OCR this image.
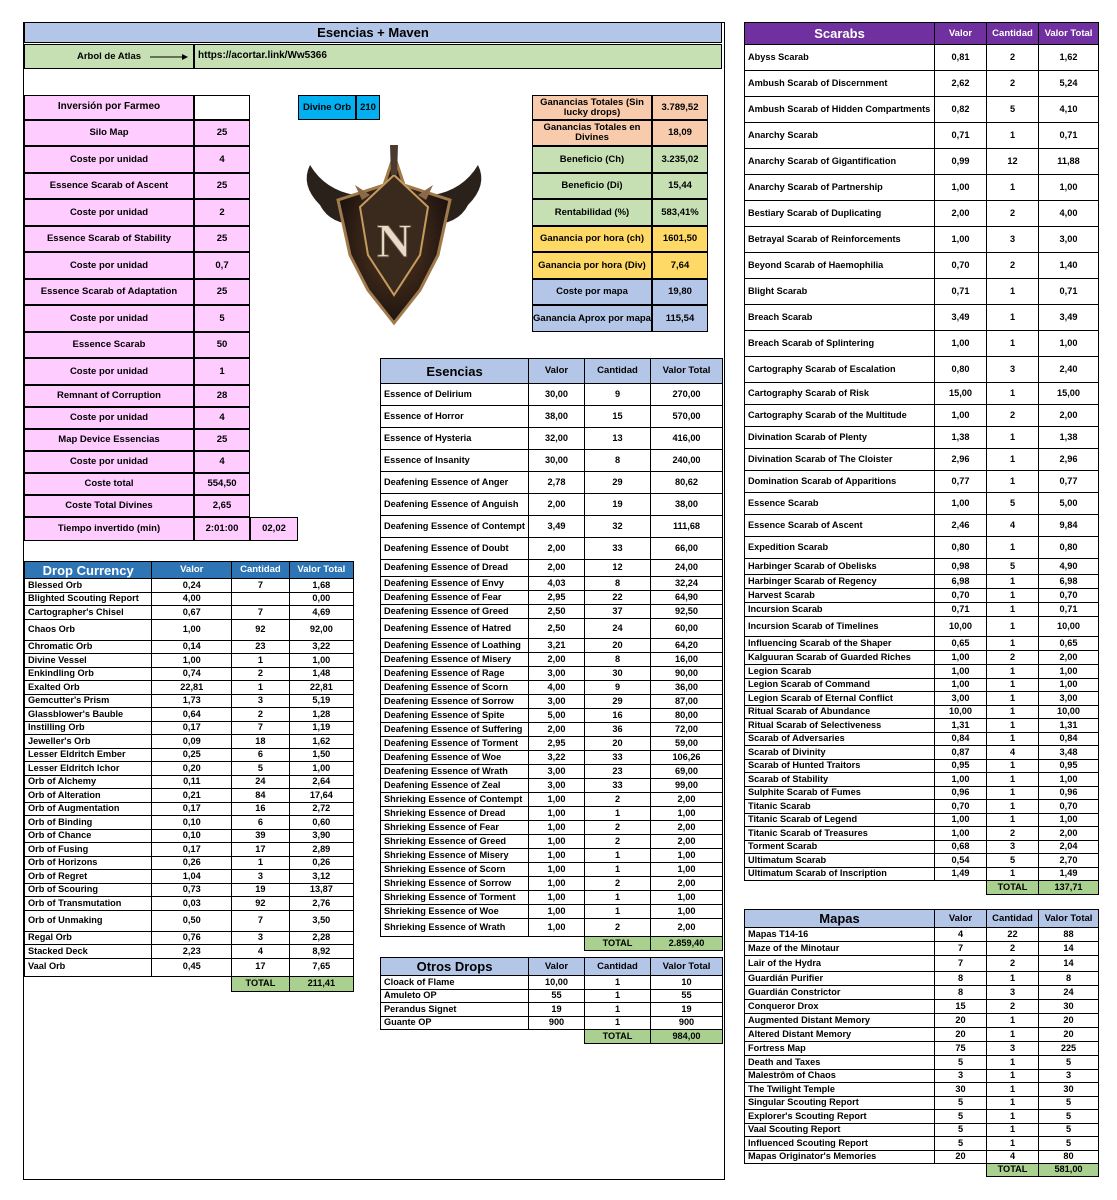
Esencias + Maven
Arbol de Atlas	https://acortar.link/Ww5366
Inversión por Farmeo
Silo Map	25
Coste por unidad	4
Essence Scarab of Ascent	25
Coste por unidad	2
Essence Scarab of Stability	25
Coste por unidad	0,7
Essence Scarab of Adaptation	25
Coste por unidad	5
Essence Scarab	50
Coste por unidad	1
Remnant of Corruption	28
Coste por unidad	4
Map Device Essencias	25
Coste por unidad	4
Coste total	554,50
Coste Total Divines	2,65
Tiempo invertido (min)	2:01:00	02,02
Divine Orb 210
N
Ganancias Totales (Sin lucky drops)	3.789,52
Ganancias Totales en Divines	18,09
Beneficio (Ch)	3.235,02
Beneficio (Di)	15,44
Rentabilidad (%)	583,41%
Ganancia por hora (ch)	1601,50
Ganancia por hora (Div)	7,64
Coste por mapa	19,80
Ganancia Aprox por mapa	115,54
Drop Currency	Valor	Cantidad	Valor Total
Blessed Orb	0,24	7	1,68
Blighted Scouting Report	4,00		0,00
Cartographer's Chisel	0,67	7	4,69
Chaos Orb	1,00	92	92,00
Chromatic Orb	0,14	23	3,22
Divine Vessel	1,00	1	1,00
Enkindling Orb	0,74	2	1,48
Exalted Orb	22,81	1	22,81
Gemcutter's Prism	1,73	3	5,19
Glassblower's Bauble	0,64	2	1,28
Instilling Orb	0,17	7	1,19
Jeweller's Orb	0,09	18	1,62
Lesser Eldritch Ember	0,25	6	1,50
Lesser Eldritch Ichor	0,20	5	1,00
Orb of Alchemy	0,11	24	2,64
Orb of Alteration	0,21	84	17,64
Orb of Augmentation	0,17	16	2,72
Orb of Binding	0,10	6	0,60
Orb of Chance	0,10	39	3,90
Orb of Fusing	0,17	17	2,89
Orb of Horizons	0,26	1	0,26
Orb of Regret	1,04	3	3,12
Orb of Scouring	0,73	19	13,87
Orb of Transmutation	0,03	92	2,76
Orb of Unmaking	0,50	7	3,50
Regal Orb	0,76	3	2,28
Stacked Deck	2,23	4	8,92
Vaal Orb	0,45	17	7,65
		TOTAL	211,41
Esencias	Valor	Cantidad	Valor Total
Essence of Delirium	30,00	9	270,00
Essence of Horror	38,00	15	570,00
Essence of Hysteria	32,00	13	416,00
Essence of Insanity	30,00	8	240,00
Deafening Essence of Anger	2,78	29	80,62
Deafening Essence of Anguish	2,00	19	38,00
Deafening Essence of Contempt	3,49	32	111,68
Deafening Essence of Doubt	2,00	33	66,00
Deafening Essence of Dread	2,00	12	24,00
Deafening Essence of Envy	4,03	8	32,24
Deafening Essence of Fear	2,95	22	64,90
Deafening Essence of Greed	2,50	37	92,50
Deafening Essence of Hatred	2,50	24	60,00
Deafening Essence of Loathing	3,21	20	64,20
Deafening Essence of Misery	2,00	8	16,00
Deafening Essence of Rage	3,00	30	90,00
Deafening Essence of Scorn	4,00	9	36,00
Deafening Essence of Sorrow	3,00	29	87,00
Deafening Essence of Spite	5,00	16	80,00
Deafening Essence of Suffering	2,00	36	72,00
Deafening Essence of Torment	2,95	20	59,00
Deafening Essence of Woe	3,22	33	106,26
Deafening Essence of Wrath	3,00	23	69,00
Deafening Essence of Zeal	3,00	33	99,00
Shrieking Essence of Contempt	1,00	2	2,00
Shrieking Essence of Dread	1,00	1	1,00
Shrieking Essence of Fear	1,00	2	2,00
Shrieking Essence of Greed	1,00	2	2,00
Shrieking Essence of Misery	1,00	1	1,00
Shrieking Essence of Scorn	1,00	1	1,00
Shrieking Essence of Sorrow	1,00	2	2,00
Shrieking Essence of Torment	1,00	1	1,00
Shrieking Essence of Woe	1,00	1	1,00
Shrieking Essence of Wrath	1,00	2	2,00
		TOTAL	2.859,40
Otros Drops	Valor	Cantidad	Valor Total
Cloack of Flame	10,00	1	10
Amuleto OP	55	1	55
Perandus Signet	19	1	19
Guante OP	900	1	900
		TOTAL	984,00
Scarabs	Valor	Cantidad	Valor Total
Abyss Scarab	0,81	2	1,62
Ambush Scarab of Discernment	2,62	2	5,24
Ambush Scarab of Hidden Compartments	0,82	5	4,10
Anarchy Scarab	0,71	1	0,71
Anarchy Scarab of Gigantification	0,99	12	11,88
Anarchy Scarab of Partnership	1,00	1	1,00
Bestiary Scarab of Duplicating	2,00	2	4,00
Betrayal Scarab of Reinforcements	1,00	3	3,00
Beyond Scarab of Haemophilia	0,70	2	1,40
Blight Scarab	0,71	1	0,71
Breach Scarab	3,49	1	3,49
Breach Scarab of Splintering	1,00	1	1,00
Cartography Scarab of Escalation	0,80	3	2,40
Cartography Scarab of Risk	15,00	1	15,00
Cartography Scarab of the Multitude	1,00	2	2,00
Divination Scarab of Plenty	1,38	1	1,38
Divination Scarab of The Cloister	2,96	1	2,96
Domination Scarab of Apparitions	0,77	1	0,77
Essence Scarab	1,00	5	5,00
Essence Scarab of Ascent	2,46	4	9,84
Expedition Scarab	0,80	1	0,80
Harbinger Scarab of Obelisks	0,98	5	4,90
Harbinger Scarab of Regency	6,98	1	6,98
Harvest Scarab	0,70	1	0,70
Incursion Scarab	0,71	1	0,71
Incursion Scarab of Timelines	10,00	1	10,00
Influencing Scarab of the Shaper	0,65	1	0,65
Kalguuran Scarab of Guarded Riches	1,00	2	2,00
Legion Scarab	1,00	1	1,00
Legion Scarab of Command	1,00	1	1,00
Legion Scarab of Eternal Conflict	3,00	1	3,00
Ritual Scarab of Abundance	10,00	1	10,00
Ritual Scarab of Selectiveness	1,31	1	1,31
Scarab of Adversaries	0,84	1	0,84
Scarab of Divinity	0,87	4	3,48
Scarab of Hunted Traitors	0,95	1	0,95
Scarab of Stability	1,00	1	1,00
Sulphite Scarab of Fumes	0,96	1	0,96
Titanic Scarab	0,70	1	0,70
Titanic Scarab of Legend	1,00	1	1,00
Titanic Scarab of Treasures	1,00	2	2,00
Torment Scarab	0,68	3	2,04
Ultimatum Scarab	0,54	5	2,70
Ultimatum Scarab of Inscription	1,49	1	1,49
		TOTAL	137,71
Mapas	Valor	Cantidad	Valor Total
Mapas T14-16	4	22	88
Maze of the Minotaur	7	2	14
Lair of the Hydra	7	2	14
Guardián Purifier	8	1	8
Guardián Constrictor	8	3	24
Conqueror Drox	15	2	30
Augmented Distant Memory	20	1	20
Altered Distant Memory	20	1	20
Fortress Map	75	3	225
Death and Taxes	5	1	5
Malestrôm of Chaos	3	1	3
The Twilight Temple	30	1	30
Singular Scouting Report	5	1	5
Explorer's Scouting Report	5	1	5
Vaal Scouting Report	5	1	5
Influenced Scouting Report	5	1	5
Mapas Originator's Memories	20	4	80
		TOTAL	581,00
